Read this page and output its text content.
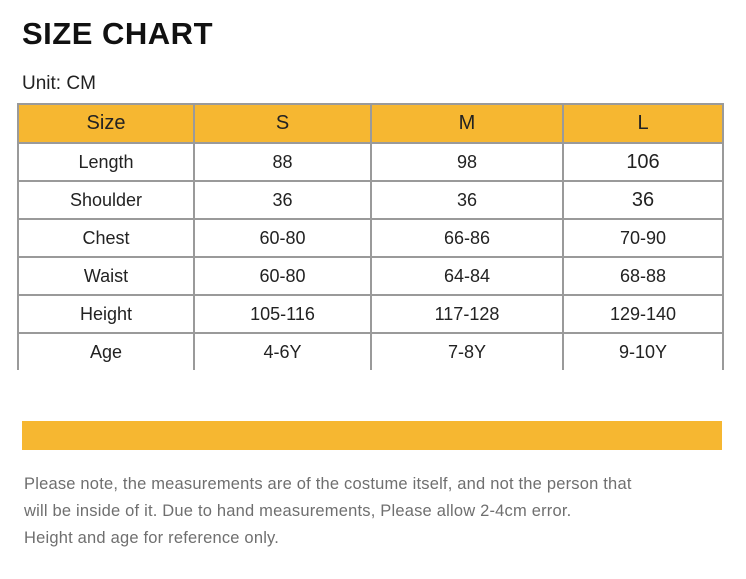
SIZE CHART
Unit: CM
Size	S	M	L
Length	88	98	106
Shoulder	36	36	36
Chest	60-80	66-86	70-90
Waist	60-80	64-84	68-88
Height	105-116	117-128	129-140
Age	4-6Y	7-8Y	9-10Y
Please note, the measurements are of the costume itself, and not the person that
will be inside of it. Due to hand measurements, Please allow 2-4cm error.
Height and age for reference only.
